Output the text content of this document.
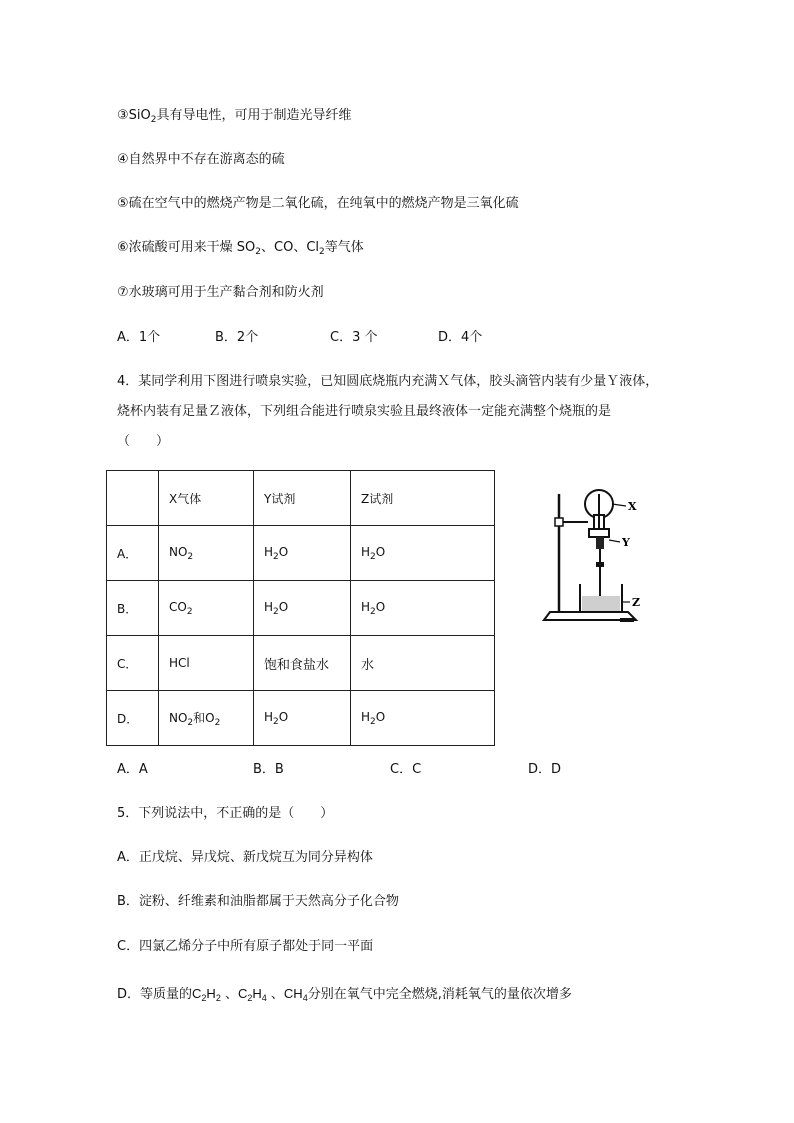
③SiO$_2$具有导电性，可用于制造光导纤维
④自然界中不存在游离态的硫
⑤硫在空气中的燃烧产物是二氧化硫，在纯氧中的燃烧产物是三氧化硫
⑥浓硫酸可用来干燥 $SO_2$、CO、$Cl_2$等气体
⑦水玻璃可用于生产黏合剂和防火剂
A．1个	B．2个	C．3 个	D．4个
4．某同学利用下图进行喷泉实验，已知圆底烧瓶内充满Ｘ气体，胶头滴管内装有少量Ｙ液体，
烧杯内装有足量Ｚ液体，下列组合能进行喷泉实验且最终液体一定能充满整个烧瓶的是
（　　）
	X气体	Y试剂	Z试剂
A．	$NO_2$	$H_2O$	$H_2O$
B．	$CO_2$	$H_2O$	$H_2O$
C．	HCl	饱和食盐水	水
D．	$NO_2$和$O_2$	$H_2O$	$H_2O$
X
Y
Z
A．A	B．B	C．C	D．D
5．下列说法中，不正确的是（　　）
A．正戊烷、异戊烷、新戊烷互为同分异构体
B．淀粉、纤维素和油脂都属于天然高分子化合物
C．四氯乙烯分子中所有原子都处于同一平面
D．等质量的$C_2H_2$ 、$C_2H_4$ 、$CH_4$分别在氧气中完全燃烧,消耗氧气的量依次增多
